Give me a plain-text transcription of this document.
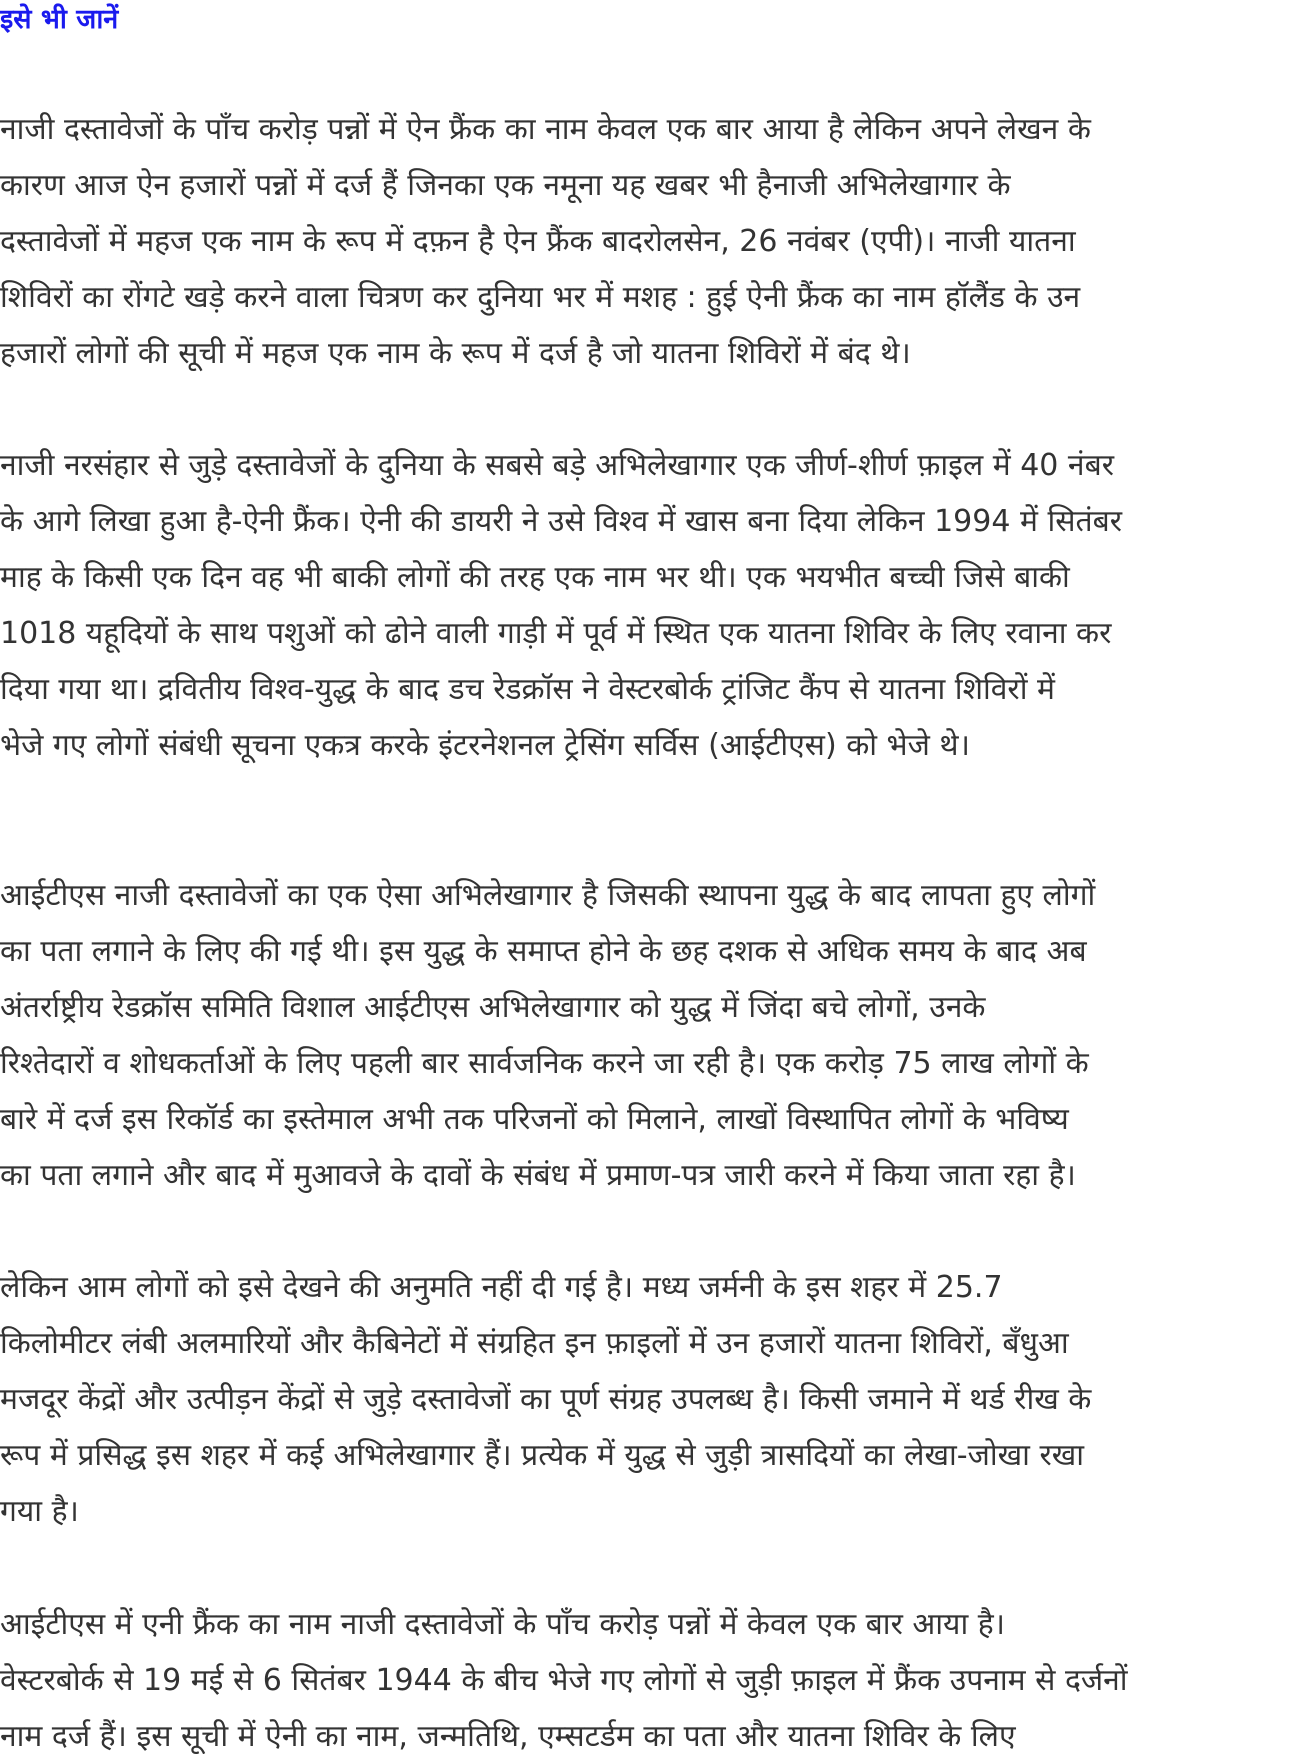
इसे भी जानें
नाजी दस्तावेजों के पाँच करोड़ पन्नों में ऐन फ्रैंक का नाम केवल एक बार आया है लेकिन अपने लेखन के
कारण आज ऐन हजारों पन्नों में दर्ज हैं जिनका एक नमूना यह खबर भी हैनाजी अभिलेखागार के
दस्तावेजों में महज एक नाम के रूप में दफ़न है ऐन फ्रैंक बादरोलसेन, 26 नवंबर (एपी)। नाजी यातना
शिविरों का रोंगटे खड़े करने वाला चित्रण कर दुनिया भर में मशह : हुई ऐनी फ्रैंक का नाम हॉलैंड के उन
हजारों लोगों की सूची में महज एक नाम के रूप में दर्ज है जो यातना शिविरों में बंद थे।
नाजी नरसंहार से जुड़े दस्तावेजों के दुनिया के सबसे बड़े अभिलेखागार एक जीर्ण-शीर्ण फ़ाइल में 40 नंबर
के आगे लिखा हुआ है-ऐनी फ्रैंक। ऐनी की डायरी ने उसे विश्व में खास बना दिया लेकिन 1994 में सितंबर
माह के किसी एक दिन वह भी बाकी लोगों की तरह एक नाम भर थी। एक भयभीत बच्ची जिसे बाकी
1018 यहूदियों के साथ पशुओं को ढोने वाली गाड़ी में पूर्व में स्थित एक यातना शिविर के लिए रवाना कर
दिया गया था। द्रवितीय विश्व-युद्ध के बाद डच रेडक्रॉस ने वेस्टरबोर्क ट्रांजिट कैंप से यातना शिविरों में
भेजे गए लोगों संबंधी सूचना एकत्र करके इंटरनेशनल ट्रेसिंग सर्विस (आईटीएस) को भेजे थे।
आईटीएस नाजी दस्तावेजों का एक ऐसा अभिलेखागार है जिसकी स्थापना युद्ध के बाद लापता हुए लोगों
का पता लगाने के लिए की गई थी। इस युद्ध के समाप्त होने के छह दशक से अधिक समय के बाद अब
अंतर्राष्ट्रीय रेडक्रॉस समिति विशाल आईटीएस अभिलेखागार को युद्ध में जिंदा बचे लोगों, उनके
रिश्तेदारों व शोधकर्ताओं के लिए पहली बार सार्वजनिक करने जा रही है। एक करोड़ 75 लाख लोगों के
बारे में दर्ज इस रिकॉर्ड का इस्तेमाल अभी तक परिजनों को मिलाने, लाखों विस्थापित लोगों के भविष्य
का पता लगाने और बाद में मुआवजे के दावों के संबंध में प्रमाण-पत्र जारी करने में किया जाता रहा है।
लेकिन आम लोगों को इसे देखने की अनुमति नहीं दी गई है। मध्य जर्मनी के इस शहर में 25.7
किलोमीटर लंबी अलमारियों और कैबिनेटों में संग्रहित इन फ़ाइलों में उन हजारों यातना शिविरों, बँधुआ
मजदूर केंद्रों और उत्पीड़न केंद्रों से जुड़े दस्तावेजों का पूर्ण संग्रह उपलब्ध है। किसी जमाने में थर्ड रीख के
रूप में प्रसिद्ध इस शहर में कई अभिलेखागार हैं। प्रत्येक में युद्ध से जुड़ी त्रासदियों का लेखा-जोखा रखा
गया है।
आईटीएस में एनी फ्रैंक का नाम नाजी दस्तावेजों के पाँच करोड़ पन्नों में केवल एक बार आया है।
वेस्टरबोर्क से 19 मई से 6 सितंबर 1944 के बीच भेजे गए लोगों से जुड़ी फ़ाइल में फ्रैंक उपनाम से दर्जनों
नाम दर्ज हैं। इस सूची में ऐनी का नाम, जन्मतिथि, एम्सटर्डम का पता और यातना शिविर के लिए
